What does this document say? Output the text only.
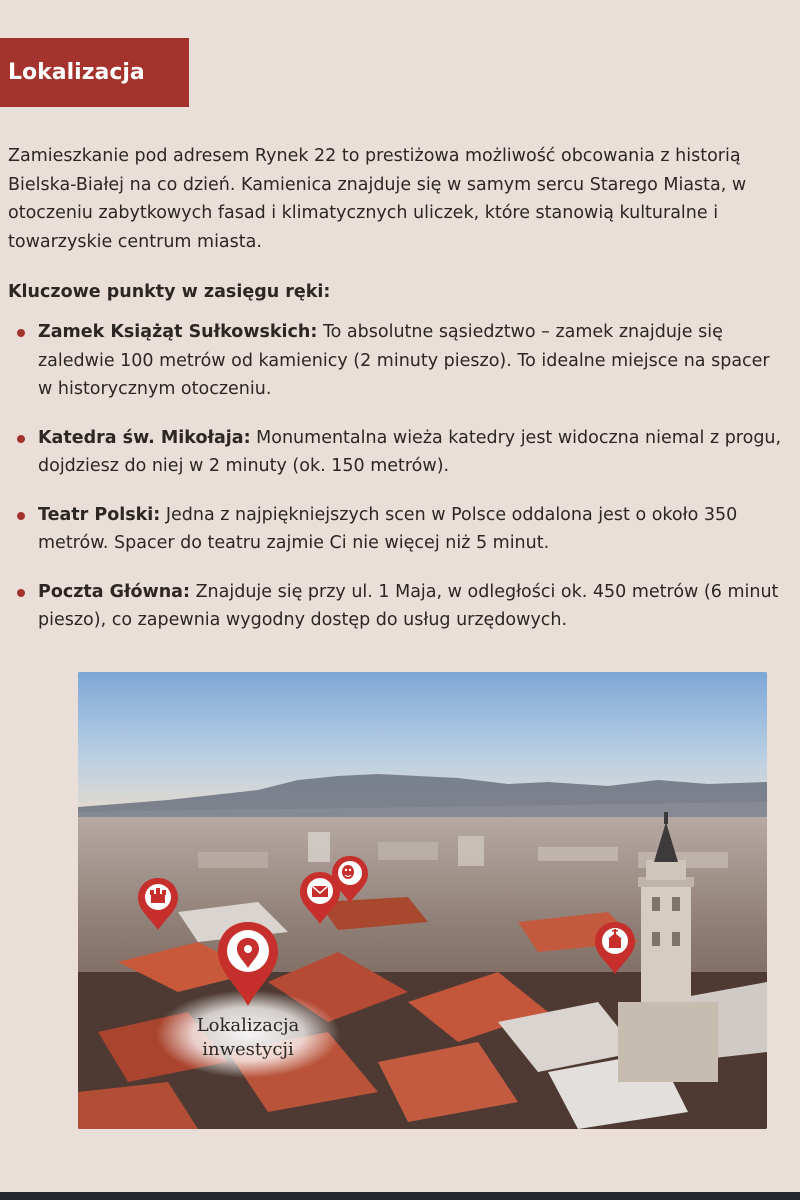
Lokalizacja

Zamieszkanie pod adresem Rynek 22 to prestiżowa możliwość obcowania z historią
Bielska-Białej na co dzień. Kamienica znajduje się w samym sercu Starego Miasta, w
otoczeniu zabytkowych fasad i klimatycznych uliczek, które stanowią kulturalne i
towarzyskie centrum miasta.

Kluczowe punkty w zasięgu ręki:
Zamek Książąt Sułkowskich: To absolutne sąsiedztwo – zamek znajduje się
zaledwie 100 metrów od kamienicy (2 minuty pieszo). To idealne miejsce na spacer
w historycznym otoczeniu.
Katedra św. Mikołaja: Monumentalna wieża katedry jest widoczna niemal z progu,
dojdziesz do niej w 2 minuty (ok. 150 metrów).
Teatr Polski: Jedna z najpiękniejszych scen w Polsce oddalona jest o około 350
metrów. Spacer do teatru zajmie Ci nie więcej niż 5 minut.
Poczta Główna: Znajduje się przy ul. 1 Maja, w odległości ok. 450 metrów (6 minut
pieszo), co zapewnia wygodny dostęp do usług urzędowych.
Lokalizacja
inwestycji
